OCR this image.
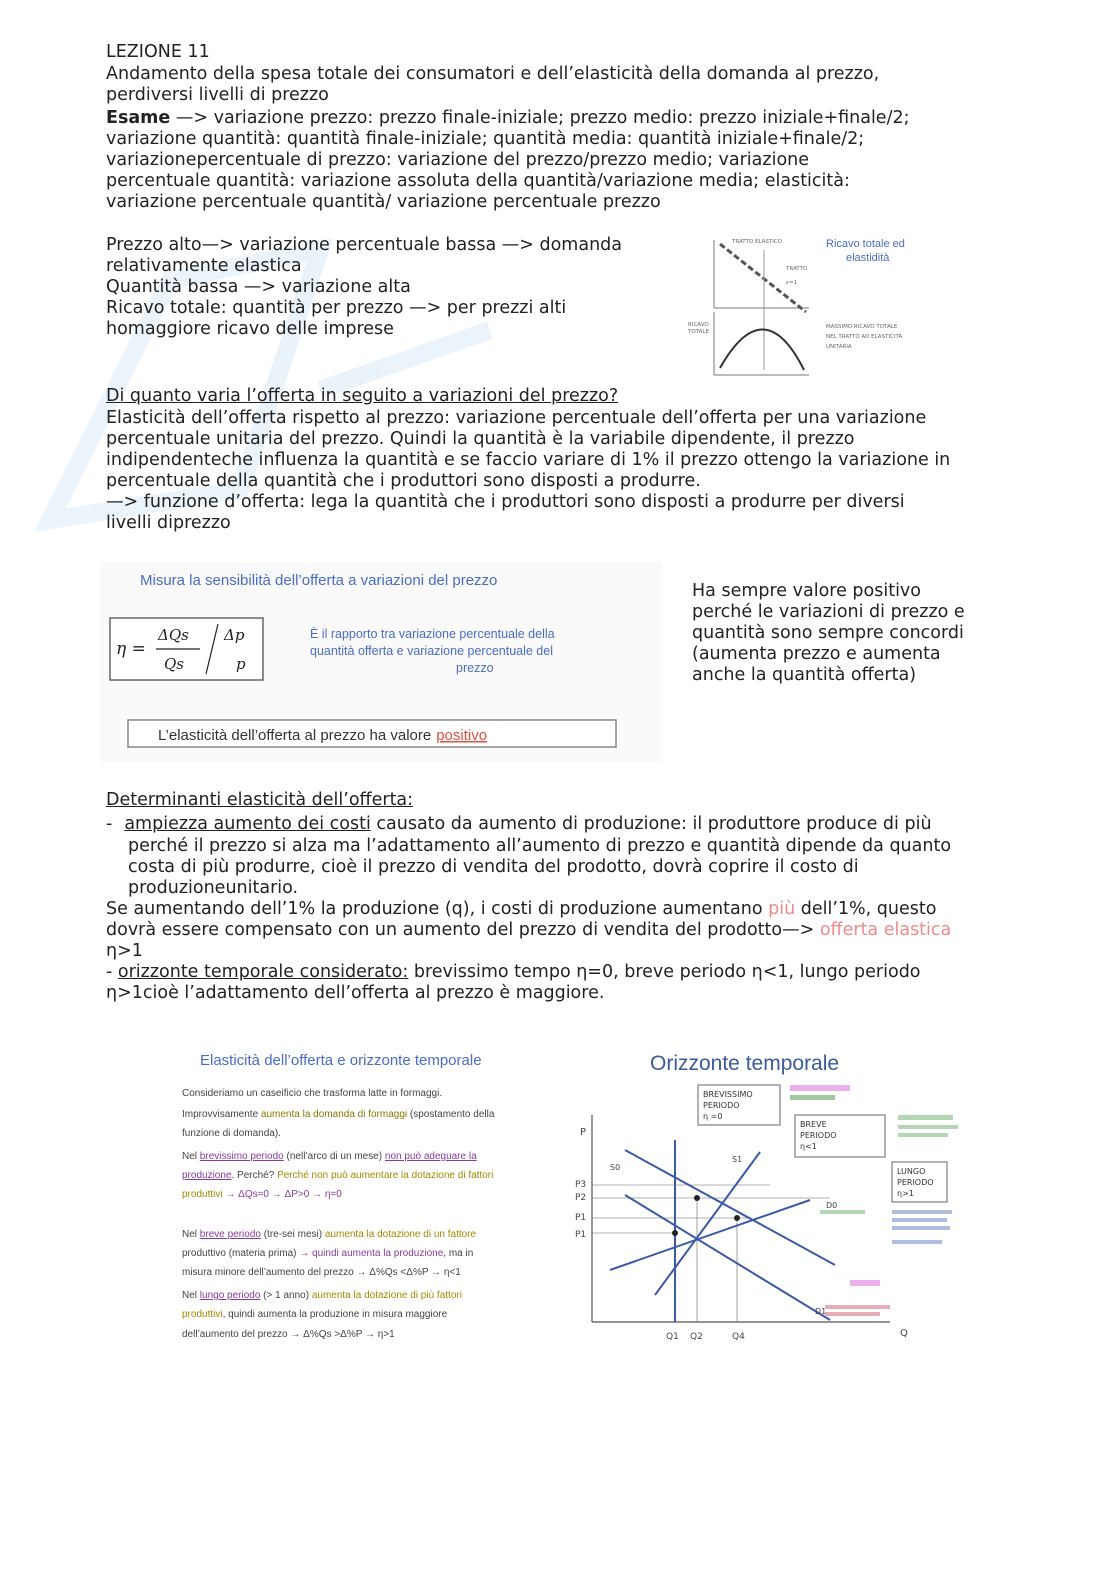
LEZIONE 11
Andamento della spesa totale dei consumatori e dell’elasticità della domanda al prezzo,
perdiversi livelli di prezzo
Esame —> variazione prezzo: prezzo finale-iniziale; prezzo medio: prezzo iniziale+finale/2;
variazione quantità: quantità finale-iniziale; quantità media: quantità iniziale+finale/2;
variazionepercentuale di prezzo: variazione del prezzo/prezzo medio; variazione
percentuale quantità: variazione assoluta della quantità/variazione media; elasticità:
variazione percentuale quantità/ variazione percentuale prezzo
Prezzo alto—> variazione percentuale bassa —> domanda
relativamente elastica
Quantità bassa —> variazione alta
Ricavo totale: quantità per prezzo —> per prezzi alti
homaggiore ricavo delle imprese
TRATTO ELASTICO
TRATTO
ε=1
RICAVO
TOTALE
Ricavo totale ed
elastidità
MASSIMO RICAVO TOTALE
NEL TRATTO AD ELASTICITÀ
UNITARIA
Di quanto varia l’offerta in seguito a variazioni del prezzo?
Elasticità dell’offerta rispetto al prezzo: variazione percentuale dell’offerta per una variazione
percentuale unitaria del prezzo. Quindi la quantità è la variabile dipendente, il prezzo
indipendenteche influenza la quantità e se faccio variare di 1% il prezzo ottengo la variazione in
percentuale della quantità che i produttori sono disposti a produrre.
—> funzione d’offerta: lega la quantità che i produttori sono disposti a produrre per diversi
livelli diprezzo
Misura la sensibilità dell’offerta a variazioni del prezzo
η =
ΔQs
Qs
Δp
p
È il rapporto tra variazione percentuale della
quantità offerta e variazione percentuale del
prezzo
L’elasticità dell’offerta al prezzo ha valore positivo
Ha sempre valore positivo
perché le variazioni di prezzo e
quantità sono sempre concordi
(aumenta prezzo e aumenta
anche la quantità offerta)
Determinanti elasticità dell’offerta:
- ampiezza aumento dei costi causato da aumento di produzione: il produttore produce di più
perché il prezzo si alza ma l’adattamento all’aumento di prezzo e quantità dipende da quanto
costa di più produrre, cioè il prezzo di vendita del prodotto, dovrà coprire il costo di
produzioneunitario.
Se aumentando dell’1% la produzione (q), i costi di produzione aumentano più dell’1%, questo
dovrà essere compensato con un aumento del prezzo di vendita del prodotto—> offerta elastica
η>1
- orizzonte temporale considerato: brevissimo tempo η=0, breve periodo η<1, lungo periodo
η>1cioè l’adattamento dell’offerta al prezzo è maggiore.
Elasticità dell’offerta e orizzonte temporale
Consideriamo un caseificio che trasforma latte in formaggi.
Improvvisamente aumenta la domanda di formaggi (spostamento della
funzione di domanda).
Nel brevissimo periodo (nell’arco di un mese) non può adeguare la
produzione. Perché? Perché non può aumentare la dotazione di fattori
produttivi → ΔQs=0 → ΔP>0 → η=0
Nel breve periodo (tre-sei mesi) aumenta la dotazione di un fattore
produttivo (materia prima) → quindi aumenta la produzione, ma in
misura minore dell’aumento del prezzo → Δ%Qs <Δ%P → η<1
Nel lungo periodo (> 1 anno) aumenta la dotazione di più fattori
produttivi, quindi aumenta la produzione in misura maggiore
dell’aumento del prezzo → Δ%Qs >Δ%P → η>1
Orizzonte temporale
P
Q
P3
P2
P1
P1
Q1 Q2	Q4
S0
S1
D0
D1
BREVISSIMO
PERIODO
η =0
BREVE
PERIODO
η<1
LUNGO
PERIODO
η>1
